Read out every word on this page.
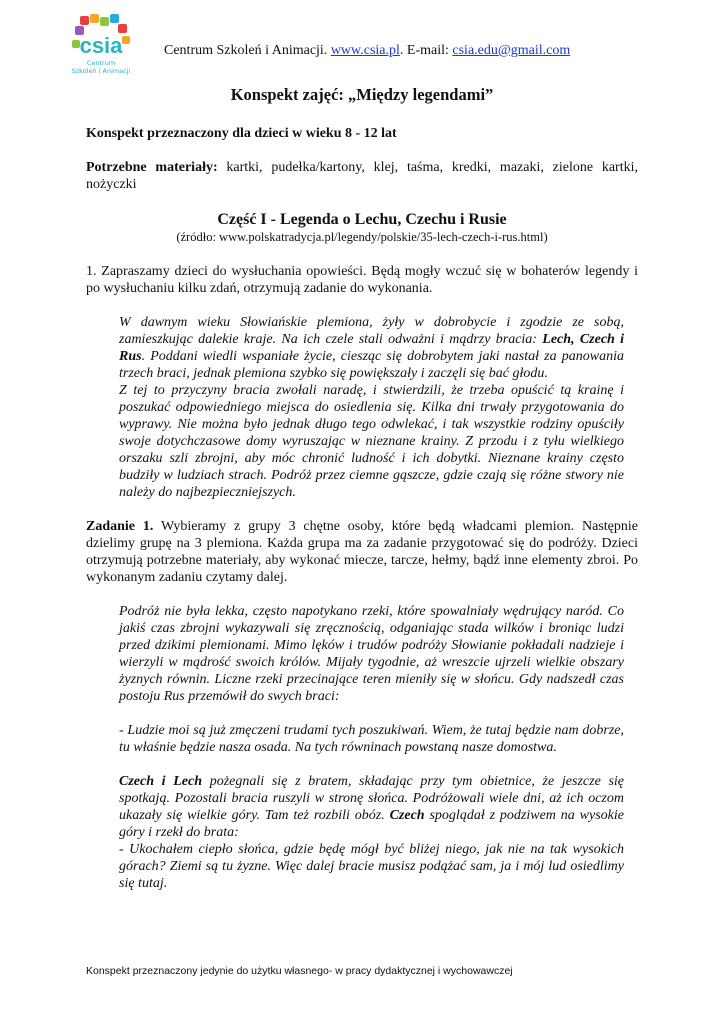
csia
Centrum
Szkoleń i Animacji
Centrum Szkoleń i Animacji. www.csia.pl. E-mail: csia.edu@gmail.com
Konspekt zajęć: „Między legendami”

Konspekt przeznaczony dla dzieci w wieku 8 - 12 lat

Potrzebne materiały: kartki, pudełka/kartony, klej, taśma, kredki, mazaki, zielone kartki, nożyczki

Część I - Legenda o Lechu, Czechu i Rusie
(źródło: www.polskatradycja.pl/legendy/polskie/35-lech-czech-i-rus.html)

1. Zapraszamy dzieci do wysłuchania opowieści. Będą mogły wczuć się w bohaterów legendy i po wysłuchaniu kilku zdań, otrzymują zadanie do wykonania.

W dawnym wieku Słowiańskie plemiona, żyły w dobrobycie i zgodzie ze sobą, zamieszkując dalekie kraje. Na ich czele stali odważni i mądrzy bracia: Lech, Czech i Rus. Poddani wiedli wspaniałe życie, ciesząc się dobrobytem jaki nastał za panowania trzech braci, jednak plemiona szybko się powiększały i zaczęli się bać głodu.

Z tej to przyczyny bracia zwołali naradę, i stwierdzili, że trzeba opuścić tą krainę i poszukać odpowiedniego miejsca do osiedlenia się. Kilka dni trwały przygotowania do wyprawy. Nie można było jednak długo tego odwlekać, i tak wszystkie rodziny opuściły swoje dotychczasowe domy wyruszając w nieznane krainy. Z przodu i z tyłu wielkiego orszaku szli zbrojni, aby móc chronić ludność i ich dobytki. Nieznane krainy często budziły w ludziach strach. Podróż przez ciemne gąszcze, gdzie czają się różne stwory nie należy do najbezpieczniejszych.

Zadanie 1. Wybieramy z grupy 3 chętne osoby, które będą władcami plemion. Następnie dzielimy grupę na 3 plemiona. Każda grupa ma za zadanie przygotować się do podróży. Dzieci otrzymują potrzebne materiały, aby wykonać miecze, tarcze, hełmy, bądź inne elementy zbroi. Po wykonanym zadaniu czytamy dalej.

Podróż nie była lekka, często napotykano rzeki, które spowalniały wędrujący naród. Co jakiś czas zbrojni wykazywali się zręcznością, odganiając stada wilków i broniąc ludzi przed dzikimi plemionami. Mimo lęków i trudów podróży Słowianie pokładali nadzieje i wierzyli w mądrość swoich królów. Mijały tygodnie, aż wreszcie ujrzeli wielkie obszary żyznych równin. Liczne rzeki przecinające teren mieniły się w słońcu. Gdy nadszedł czas postoju Rus przemówił do swych braci:

- Ludzie moi są już zmęczeni trudami tych poszukiwań. Wiem, że tutaj będzie nam dobrze, tu właśnie będzie nasza osada. Na tych równinach powstaną nasze domostwa.

Czech i Lech pożegnali się z bratem, składając przy tym obietnice, że jeszcze się spotkają. Pozostali bracia ruszyli w stronę słońca. Podróżowali wiele dni, aż ich oczom ukazały się wielkie góry. Tam też rozbili obóz. Czech spoglądał z podziwem na wysokie góry i rzekł do brata:

- Ukochałem ciepło słońca, gdzie będę mógł być bliżej niego, jak nie na tak wysokich górach? Ziemi są tu żyzne. Więc dalej bracie musisz podążać sam, ja i mój lud osiedlimy się tutaj.

Konspekt przeznaczony jedynie do użytku własnego- w pracy dydaktycznej i wychowawczej
